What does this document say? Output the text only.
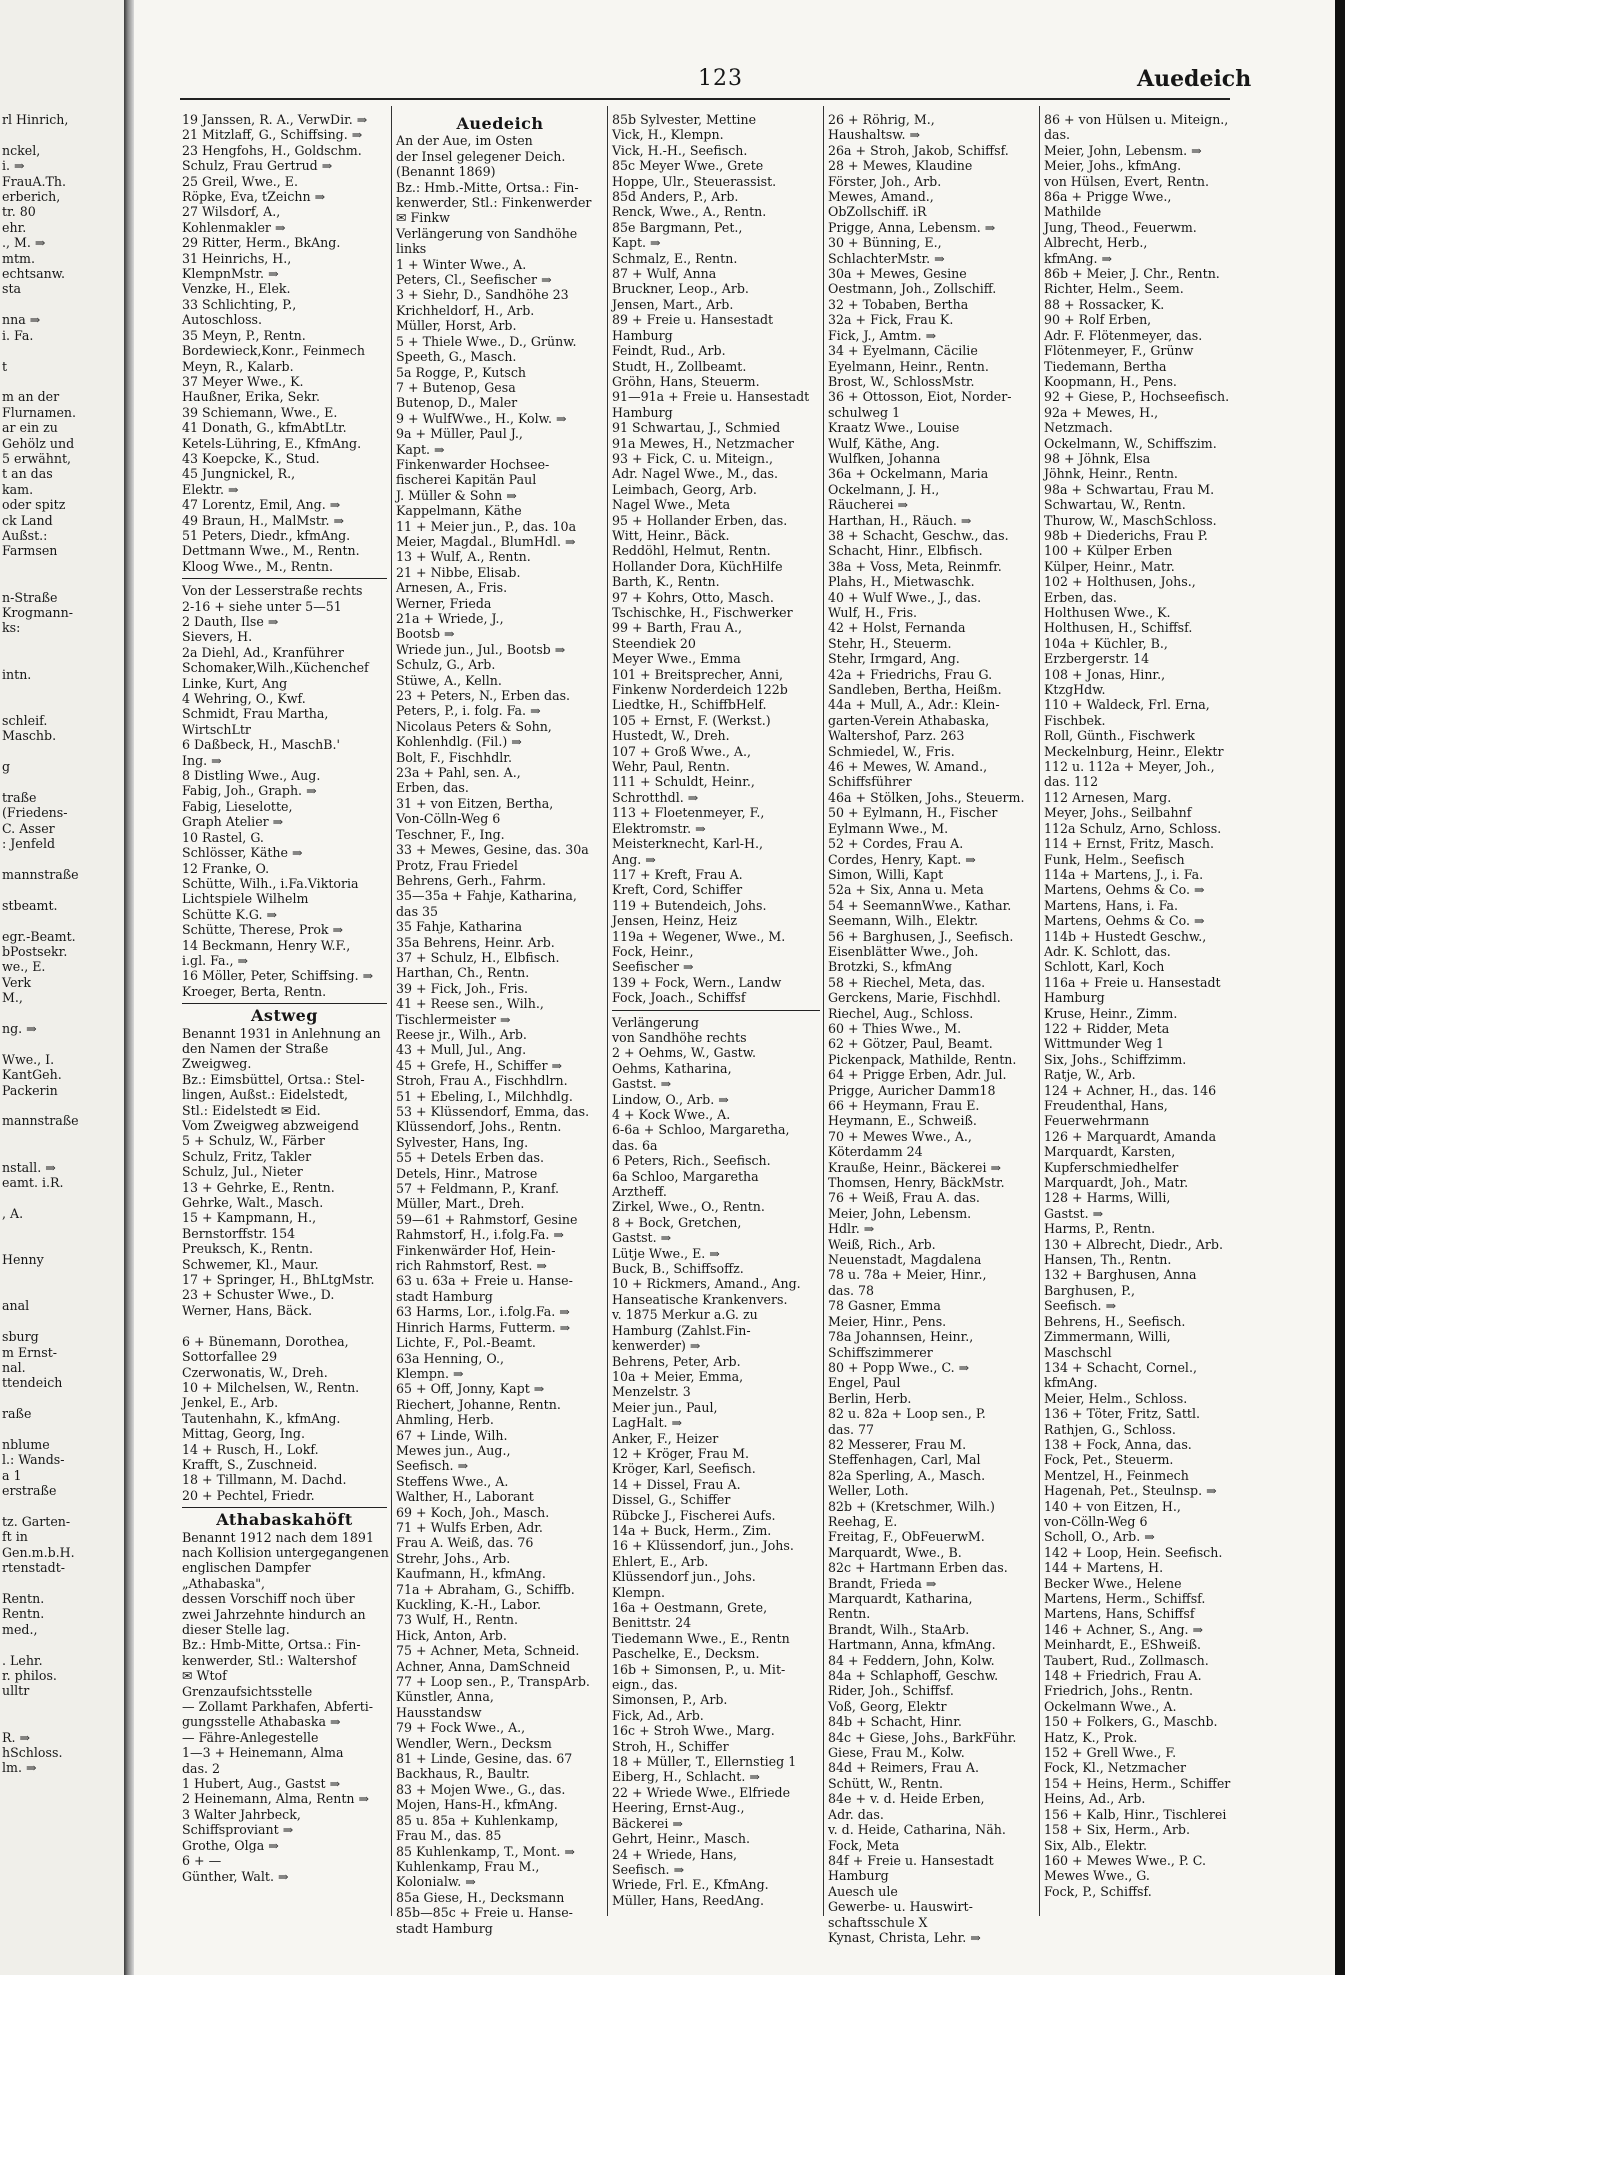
rl Hinrich,

nckel,
i. ⇒
FrauA.Th.
erberich,
tr. 80
ehr.
., M. ⇒
mtm.
echtsanw.
sta

nna ⇒
i. Fa.

t

m an der
Flurnamen.
ar ein zu
Gehölz und
5 erwähnt,
t an das
kam.
oder spitz
ck Land
Außst.:
Farmsen

n-Straße
Krogmann-
ks:

intn.

schleif.
Maschb.

g

traße
(Friedens-
C. Asser
: Jenfeld

mannstraße

stbeamt.

egr.-Beamt.
bPostsekr.
we., E.
Verk
M.,

ng. ⇒

Wwe., I.
KantGeh.
Packerin

mannstraße

nstall. ⇒
eamt. i.R.

, A.

Henny

anal

sburg
m Ernst-
nal.
ttendeich

raße

nblume
l.: Wands-
a 1
erstraße

tz. Garten-
ft in
Gen.m.b.H.
rtenstadt-

Rentn.
Rentn.
med.,

. Lehr.
r. philos.
ulltr

R. ⇒
hSchloss.
lm. ⇒
123	Auedeich
19 Janssen, R. A., VerwDir. ⇒
21 Mitzlaff, G., Schiffsing. ⇒
23 Hengfohs, H., Goldschm.
Schulz, Frau Gertrud ⇒
25 Greil, Wwe., E.
Röpke, Eva, tZeichn ⇒
27 Wilsdorf, A.,
Kohlenmakler ⇒
29 Ritter, Herm., BkAng.
31 Heinrichs, H.,
KlempnMstr. ⇒
Venzke, H., Elek.
33 Schlichting, P.,
Autoschloss.
35 Meyn, P., Rentn.
Bordewieck,Konr., Feinmech
Meyn, R., Kalarb.
37 Meyer Wwe., K.
Haußner, Erika, Sekr.
39 Schiemann, Wwe., E.
41 Donath, G., kfmAbtLtr.
Ketels-Lühring, E., KfmAng.
43 Koepcke, K., Stud.
45 Jungnickel, R.,
Elektr. ⇒
47 Lorentz, Emil, Ang. ⇒
49 Braun, H., MalMstr. ⇒
51 Peters, Diedr., kfmAng.
Dettmann Wwe., M., Rentn.
Kloog Wwe., M., Rentn.
Von der Lesserstraße rechts
2-16 + siehe unter 5—51
2 Dauth, Ilse ⇒
Sievers, H.
2a Diehl, Ad., Kranführer
Schomaker,Wilh.,Küchenchef
Linke, Kurt, Ang
4 Wehring, O., Kwf.
Schmidt, Frau Martha,
WirtschLtr
6 Daßbeck, H., MaschB.'
Ing. ⇒
8 Distling Wwe., Aug.
Fabig, Joh., Graph. ⇒
Fabig, Lieselotte,
Graph Atelier ⇒
10 Rastel, G.
Schlösser, Käthe ⇒
12 Franke, O.
Schütte, Wilh., i.Fa.Viktoria
Lichtspiele Wilhelm
Schütte K.G. ⇒
Schütte, Therese, Prok ⇒
14 Beckmann, Henry W.F.,
i.gl. Fa., ⇒
16 Möller, Peter, Schiffsing. ⇒
Kroeger, Berta, Rentn.
Astweg
Benannt 1931 in Anlehnung an
den Namen der Straße
Zweigweg.
Bz.: Eimsbüttel, Ortsa.: Stel-
lingen, Außst.: Eidelstedt,
Stl.: Eidelstedt ✉ Eid.
Vom Zweigweg abzweigend
5 + Schulz, W., Färber
Schulz, Fritz, Takler
Schulz, Jul., Nieter
13 + Gehrke, E., Rentn.
Gehrke, Walt., Masch.
15 + Kampmann, H.,
Bernstorffstr. 154
Preuksch, K., Rentn.
Schwemer, Kl., Maur.
17 + Springer, H., BhLtgMstr.
23 + Schuster Wwe., D.
Werner, Hans, Bäck.

6 + Bünemann, Dorothea,
Sottorfallee 29
Czerwonatis, W., Dreh.
10 + Milchelsen, W., Rentn.
Jenkel, E., Arb.
Tautenhahn, K., kfmAng.
Mittag, Georg, Ing.
14 + Rusch, H., Lokf.
Krafft, S., Zuschneid.
18 + Tillmann, M. Dachd.
20 + Pechtel, Friedr.
Athabaskahöft
Benannt 1912 nach dem 1891
nach Kollision untergegangenen
englischen Dampfer
„Athabaska",
dessen Vorschiff noch über
zwei Jahrzehnte hindurch an
dieser Stelle lag.
Bz.: Hmb-Mitte, Ortsa.: Fin-
kenwerder, Stl.: Waltershof
✉ Wtof
Grenzaufsichtsstelle
— Zollamt Parkhafen, Abferti-
gungsstelle Athabaska ⇒
— Fähre-Anlegestelle
1—3 + Heinemann, Alma
das. 2
1 Hubert, Aug., Gastst ⇒
2 Heinemann, Alma, Rentn ⇒
3 Walter Jahrbeck,
Schiffsproviant ⇒
Grothe, Olga ⇒
6 + —
Günther, Walt. ⇒
Auedeich
An der Aue, im Osten
der Insel gelegener Deich.
(Benannt 1869)
Bz.: Hmb.-Mitte, Ortsa.: Fin-
kenwerder, Stl.: Finkenwerder
✉ Finkw
Verlängerung von Sandhöhe
links
1 + Winter Wwe., A.
Peters, Cl., Seefischer ⇒
3 + Siehr, D., Sandhöhe 23
Krichheldorf, H., Arb.
Müller, Horst, Arb.
5 + Thiele Wwe., D., Grünw.
Speeth, G., Masch.
5a Rogge, P., Kutsch
7 + Butenop, Gesa
Butenop, D., Maler
9 + WulfWwe., H., Kolw. ⇒
9a + Müller, Paul J.,
Kapt. ⇒
Finkenwarder Hochsee-
fischerei Kapitän Paul
J. Müller & Sohn ⇒
Kappelmann, Käthe
11 + Meier jun., P., das. 10a
Meier, Magdal., BlumHdl. ⇒
13 + Wulf, A., Rentn.
21 + Nibbe, Elisab.
Arnesen, A., Fris.
Werner, Frieda
21a + Wriede, J.,
Bootsb ⇒
Wriede jun., Jul., Bootsb ⇒
Schulz, G., Arb.
Stüwe, A., Kelln.
23 + Peters, N., Erben das.
Peters, P., i. folg. Fa. ⇒
Nicolaus Peters & Sohn,
Kohlenhdlg. (Fil.) ⇒
Bolt, F., Fischhdlr.
23a + Pahl, sen. A.,
Erben, das.
31 + von Eitzen, Bertha,
Von-Cölln-Weg 6
Teschner, F., Ing.
33 + Mewes, Gesine, das. 30a
Protz, Frau Friedel
Behrens, Gerh., Fahrm.
35—35a + Fahje, Katharina,
das 35
35 Fahje, Katharina
35a Behrens, Heinr. Arb.
37 + Schulz, H., Elbfisch.
Harthan, Ch., Rentn.
39 + Fick, Joh., Fris.
41 + Reese sen., Wilh.,
Tischlermeister ⇒
Reese jr., Wilh., Arb.
43 + Mull, Jul., Ang.
45 + Grefe, H., Schiffer ⇒
Stroh, Frau A., Fischhdlrn.
51 + Ebeling, I., Milchhdlg.
53 + Klüssendorf, Emma, das.
Klüssendorf, Johs., Rentn.
Sylvester, Hans, Ing.
55 + Detels Erben das.
Detels, Hinr., Matrose
57 + Feldmann, P., Kranf.
Müller, Mart., Dreh.
59—61 + Rahmstorf, Gesine
Rahmstorf, H., i.folg.Fa. ⇒
Finkenwärder Hof, Hein-
rich Rahmstorf, Rest. ⇒
63 u. 63a + Freie u. Hanse-
stadt Hamburg
63 Harms, Lor., i.folg.Fa. ⇒
Hinrich Harms, Futterm. ⇒
Lichte, F., Pol.-Beamt.
63a Henning, O.,
Klempn. ⇒
65 + Off, Jonny, Kapt ⇒
Riechert, Johanne, Rentn.
Ahmling, Herb.
67 + Linde, Wilh.
Mewes jun., Aug.,
Seefisch. ⇒
Steffens Wwe., A.
Walther, H., Laborant
69 + Koch, Joh., Masch.
71 + Wulfs Erben, Adr.
Frau A. Weiß, das. 76
Strehr, Johs., Arb.
Kaufmann, H., kfmAng.
71a + Abraham, G., Schiffb.
Kuckling, K.-H., Labor.
73 Wulf, H., Rentn.
Hick, Anton, Arb.
75 + Achner, Meta, Schneid.
Achner, Anna, DamSchneid
77 + Loop sen., P., TranspArb.
Künstler, Anna,
Hausstandsw
79 + Fock Wwe., A.,
Wendler, Wern., Decksm
81 + Linde, Gesine, das. 67
Backhaus, R., Baultr.
83 + Mojen Wwe., G., das.
Mojen, Hans-H., kfmAng.
85 u. 85a + Kuhlenkamp,
Frau M., das. 85
85 Kuhlenkamp, T., Mont. ⇒
Kuhlenkamp, Frau M.,
Kolonialw. ⇒
85a Giese, H., Decksmann
85b—85c + Freie u. Hanse-
stadt Hamburg
85b Sylvester, Mettine
Vick, H., Klempn.
Vick, H.-H., Seefisch.
85c Meyer Wwe., Grete
Hoppe, Ulr., Steuerassist.
85d Anders, P., Arb.
Renck, Wwe., A., Rentn.
85e Bargmann, Pet.,
Kapt. ⇒
Schmalz, E., Rentn.
87 + Wulf, Anna
Bruckner, Leop., Arb.
Jensen, Mart., Arb.
89 + Freie u. Hansestadt
Hamburg
Feindt, Rud., Arb.
Studt, H., Zollbeamt.
Gröhn, Hans, Steuerm.
91—91a + Freie u. Hansestadt
Hamburg
91 Schwartau, J., Schmied
91a Mewes, H., Netzmacher
93 + Fick, C. u. Miteign.,
Adr. Nagel Wwe., M., das.
Leimbach, Georg, Arb.
Nagel Wwe., Meta
95 + Hollander Erben, das.
Witt, Heinr., Bäck.
Reddöhl, Helmut, Rentn.
Hollander Dora, KüchHilfe
Barth, K., Rentn.
97 + Kohrs, Otto, Masch.
Tschischke, H., Fischwerker
99 + Barth, Frau A.,
Steendiek 20
Meyer Wwe., Emma
101 + Breitsprecher, Anni,
Finkenw Norderdeich 122b
Liedtke, H., SchiffbHelf.
105 + Ernst, F. (Werkst.)
Hustedt, W., Dreh.
107 + Groß Wwe., A.,
Wehr, Paul, Rentn.
111 + Schuldt, Heinr.,
Schrotthdl. ⇒
113 + Floetenmeyer, F.,
Elektromstr. ⇒
Meisterknecht, Karl-H.,
Ang. ⇒
117 + Kreft, Frau A.
Kreft, Cord, Schiffer
119 + Butendeich, Johs.
Jensen, Heinz, Heiz
119a + Wegener, Wwe., M.
Fock, Heinr.,
Seefischer ⇒
139 + Fock, Wern., Landw
Fock, Joach., Schiffsf
Verlängerung
von Sandhöhe rechts
2 + Oehms, W., Gastw.
Oehms, Katharina,
Gastst. ⇒
Lindow, O., Arb. ⇒
4 + Kock Wwe., A.
6-6a + Schloo, Margaretha,
das. 6a
6 Peters, Rich., Seefisch.
6a Schloo, Margaretha
Arztheff.
Zirkel, Wwe., O., Rentn.
8 + Bock, Gretchen,
Gastst. ⇒
Lütje Wwe., E. ⇒
Buck, B., Schiffsoffz.
10 + Rickmers, Amand., Ang.
Hanseatische Krankenvers.
v. 1875 Merkur a.G. zu
Hamburg (Zahlst.Fin-
kenwerder) ⇒
Behrens, Peter, Arb.
10a + Meier, Emma,
Menzelstr. 3
Meier jun., Paul,
LagHalt. ⇒
Anker, F., Heizer
12 + Kröger, Frau M.
Kröger, Karl, Seefisch.
14 + Dissel, Frau A.
Dissel, G., Schiffer
Rübcke J., Fischerei Aufs.
14a + Buck, Herm., Zim.
16 + Klüssendorf, jun., Johs.
Ehlert, E., Arb.
Klüssendorf jun., Johs.
Klempn.
16a + Oestmann, Grete,
Benittstr. 24
Tiedemann Wwe., E., Rentn
Paschelke, E., Decksm.
16b + Simonsen, P., u. Mit-
eign., das.
Simonsen, P., Arb.
Fick, Ad., Arb.
16c + Stroh Wwe., Marg.
Stroh, H., Schiffer
18 + Müller, T., Ellernstieg 1
Eiberg, H., Schlacht. ⇒
22 + Wriede Wwe., Elfriede
Heering, Ernst-Aug.,
Bäckerei ⇒
Gehrt, Heinr., Masch.
24 + Wriede, Hans,
Seefisch. ⇒
Wriede, Frl. E., KfmAng.
Müller, Hans, ReedAng.
26 + Röhrig, M.,
Haushaltsw. ⇒
26a + Stroh, Jakob, Schiffsf.
28 + Mewes, Klaudine
Förster, Joh., Arb.
Mewes, Amand.,
ObZollschiff. iR
Prigge, Anna, Lebensm. ⇒
30 + Bünning, E.,
SchlachterMstr. ⇒
30a + Mewes, Gesine
Oestmann, Joh., Zollschiff.
32 + Tobaben, Bertha
32a + Fick, Frau K.
Fick, J., Amtm. ⇒
34 + Eyelmann, Cäcilie
Eyelmann, Heinr., Rentn.
Brost, W., SchlossMstr.
36 + Ottosson, Eiot, Norder-
schulweg 1
Kraatz Wwe., Louise
Wulf, Käthe, Ang.
Wulfken, Johanna
36a + Ockelmann, Maria
Ockelmann, J. H.,
Räucherei ⇒
Harthan, H., Räuch. ⇒
38 + Schacht, Geschw., das.
Schacht, Hinr., Elbfisch.
38a + Voss, Meta, Reinmfr.
Plahs, H., Mietwaschk.
40 + Wulf Wwe., J., das.
Wulf, H., Fris.
42 + Holst, Fernanda
Stehr, H., Steuerm.
Stehr, Irmgard, Ang.
42a + Friedrichs, Frau G.
Sandleben, Bertha, Heißm.
44a + Mull, A., Adr.: Klein-
garten-Verein Athabaska,
Waltershof, Parz. 263
Schmiedel, W., Fris.
46 + Mewes, W. Amand.,
Schiffsführer
46a + Stölken, Johs., Steuerm.
50 + Eylmann, H., Fischer
Eylmann Wwe., M.
52 + Cordes, Frau A.
Cordes, Henry, Kapt. ⇒
Simon, Willi, Kapt
52a + Six, Anna u. Meta
54 + SeemannWwe., Kathar.
Seemann, Wilh., Elektr.
56 + Barghusen, J., Seefisch.
Eisenblätter Wwe., Joh.
Brotzki, S., kfmAng
58 + Riechel, Meta, das.
Gerckens, Marie, Fischhdl.
Riechel, Aug., Schloss.
60 + Thies Wwe., M.
62 + Götzer, Paul, Beamt.
Pickenpack, Mathilde, Rentn.
64 + Prigge Erben, Adr. Jul.
Prigge, Auricher Damm18
66 + Heymann, Frau E.
Heymann, E., Schweiß.
70 + Mewes Wwe., A.,
Köterdamm 24
Krauße, Heinr., Bäckerei ⇒
Thomsen, Henry, BäckMstr.
76 + Weiß, Frau A. das.
Meier, John, Lebensm.
Hdlr. ⇒
Weiß, Rich., Arb.
Neuenstadt, Magdalena
78 u. 78a + Meier, Hinr.,
das. 78
78 Gasner, Emma
Meier, Hinr., Pens.
78a Johannsen, Heinr.,
Schiffszimmerer
80 + Popp Wwe., C. ⇒
Engel, Paul
Berlin, Herb.
82 u. 82a + Loop sen., P.
das. 77
82 Messerer, Frau M.
Steffenhagen, Carl, Mal
82a Sperling, A., Masch.
Weller, Loth.
82b + (Kretschmer, Wilh.)
Reehag, E.
Freitag, F., ObFeuerwM.
Marquardt, Wwe., B.
82c + Hartmann Erben das.
Brandt, Frieda ⇒
Marquardt, Katharina,
Rentn.
Brandt, Wilh., StaArb.
Hartmann, Anna, kfmAng.
84 + Feddern, John, Kolw.
84a + Schlaphoff, Geschw.
Rider, Joh., Schiffsf.
Voß, Georg, Elektr
84b + Schacht, Hinr.
84c + Giese, Johs., BarkFühr.
Giese, Frau M., Kolw.
84d + Reimers, Frau A.
Schütt, W., Rentn.
84e + v. d. Heide Erben,
Adr. das.
v. d. Heide, Catharina, Näh.
Fock, Meta
84f + Freie u. Hansestadt
Hamburg
Auesch ule
Gewerbe- u. Hauswirt-
schaftsschule X
Kynast, Christa, Lehr. ⇒
86 + von Hülsen u. Miteign.,
das.
Meier, John, Lebensm. ⇒
Meier, Johs., kfmAng.
von Hülsen, Evert, Rentn.
86a + Prigge Wwe.,
Mathilde
Jung, Theod., Feuerwm.
Albrecht, Herb.,
kfmAng. ⇒
86b + Meier, J. Chr., Rentn.
Richter, Helm., Seem.
88 + Rossacker, K.
90 + Rolf Erben,
Adr. F. Flötenmeyer, das.
Flötenmeyer, F., Grünw
Tiedemann, Bertha
Koopmann, H., Pens.
92 + Giese, P., Hochseefisch.
92a + Mewes, H.,
Netzmach.
Ockelmann, W., Schiffszim.
98 + Jöhnk, Elsa
Jöhnk, Heinr., Rentn.
98a + Schwartau, Frau M.
Schwartau, W., Rentn.
Thurow, W., MaschSchloss.
98b + Diederichs, Frau P.
100 + Külper Erben
Külper, Heinr., Matr.
102 + Holthusen, Johs.,
Erben, das.
Holthusen Wwe., K.
Holthusen, H., Schiffsf.
104a + Küchler, B.,
Erzbergerstr. 14
108 + Jonas, Hinr.,
KtzgHdw.
110 + Waldeck, Frl. Erna,
Fischbek.
Roll, Günth., Fischwerk
Meckelnburg, Heinr., Elektr
112 u. 112a + Meyer, Joh.,
das. 112
112 Arnesen, Marg.
Meyer, Johs., Seilbahnf
112a Schulz, Arno, Schloss.
114 + Ernst, Fritz, Masch.
Funk, Helm., Seefisch
114a + Martens, J., i. Fa.
Martens, Oehms & Co. ⇒
Martens, Hans, i. Fa.
Martens, Oehms & Co. ⇒
114b + Hustedt Geschw.,
Adr. K. Schlott, das.
Schlott, Karl, Koch
116a + Freie u. Hansestadt
Hamburg
Kruse, Heinr., Zimm.
122 + Ridder, Meta
Wittmunder Weg 1
Six, Johs., Schiffzimm.
Ratje, W., Arb.
124 + Achner, H., das. 146
Freudenthal, Hans,
Feuerwehrmann
126 + Marquardt, Amanda
Marquardt, Karsten,
Kupferschmiedhelfer
Marquardt, Joh., Matr.
128 + Harms, Willi,
Gastst. ⇒
Harms, P., Rentn.
130 + Albrecht, Diedr., Arb.
Hansen, Th., Rentn.
132 + Barghusen, Anna
Barghusen, P.,
Seefisch. ⇒
Behrens, H., Seefisch.
Zimmermann, Willi,
Maschschl
134 + Schacht, Cornel.,
kfmAng.
Meier, Helm., Schloss.
136 + Töter, Fritz, Sattl.
Rathjen, G., Schloss.
138 + Fock, Anna, das.
Fock, Pet., Steuerm.
Mentzel, H., Feinmech
Hagenah, Pet., Steulnsp. ⇒
140 + von Eitzen, H.,
von-Cölln-Weg 6
Scholl, O., Arb. ⇒
142 + Loop, Hein. Seefisch.
144 + Martens, H.
Becker Wwe., Helene
Martens, Herm., Schiffsf.
Martens, Hans, Schiffsf
146 + Achner, S., Ang. ⇒
Meinhardt, E., EShweiß.
Taubert, Rud., Zollmasch.
148 + Friedrich, Frau A.
Friedrich, Johs., Rentn.
Ockelmann Wwe., A.
150 + Folkers, G., Maschb.
Hatz, K., Prok.
152 + Grell Wwe., F.
Fock, Kl., Netzmacher
154 + Heins, Herm., Schiffer
Heins, Ad., Arb.
156 + Kalb, Hinr., Tischlerei
158 + Six, Herm., Arb.
Six, Alb., Elektr.
160 + Mewes Wwe., P. C.
Mewes Wwe., G.
Fock, P., Schiffsf.
